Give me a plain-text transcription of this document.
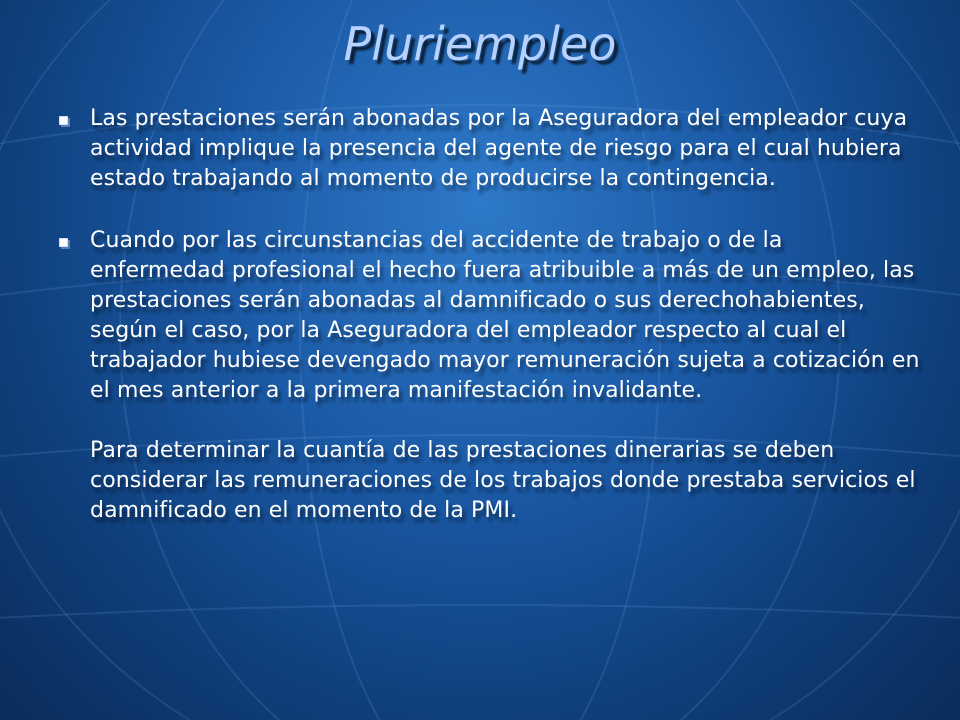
Pluriempleo

Las prestaciones serán abonadas por la Aseguradora del empleador cuya actividad implique la presencia del agente de riesgo para el cual hubiera estado trabajando al momento de producirse la contingencia.

Cuando por las circunstancias del accidente de trabajo o de la enfermedad profesional el hecho fuera atribuible a más de un empleo, las prestaciones serán abonadas al damnificado o sus derechohabientes, según el caso, por la Aseguradora del empleador respecto al cual el trabajador hubiese devengado mayor remuneración sujeta a cotización en el mes anterior a la primera manifestación invalidante.

Para determinar la cuantía de las prestaciones dinerarias se deben considerar las remuneraciones de los trabajos donde prestaba servicios el damnificado en el momento de la PMI.
